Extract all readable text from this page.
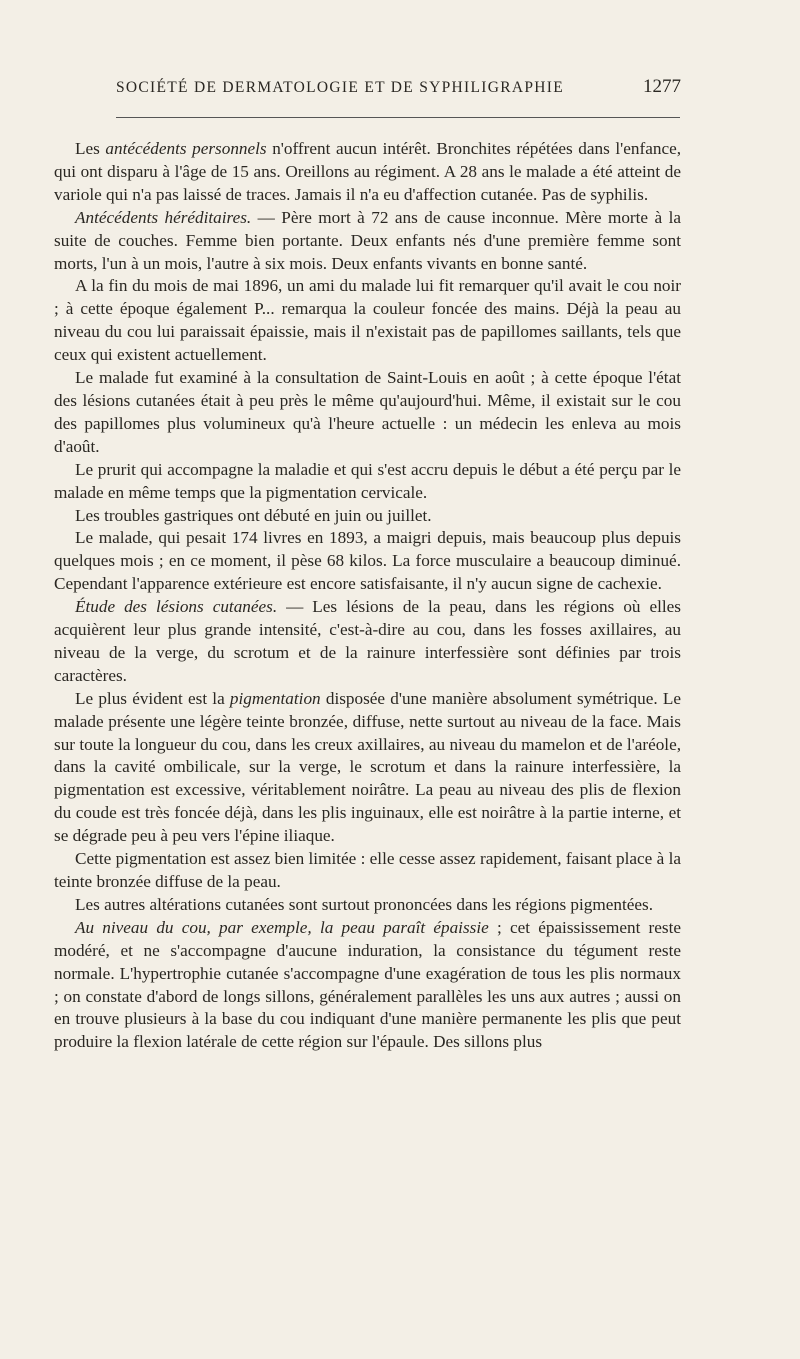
SOCIÉTÉ DE DERMATOLOGIE ET DE SYPHILIGRAPHIE	1277

Les antécédents personnels n'offrent aucun intérêt. Bronchites répétées dans l'enfance, qui ont disparu à l'âge de 15 ans. Oreillons au régiment. A 28 ans le malade a été atteint de variole qui n'a pas laissé de traces. Jamais il n'a eu d'affection cutanée. Pas de syphilis.

Antécédents héréditaires. — Père mort à 72 ans de cause inconnue. Mère morte à la suite de couches. Femme bien portante. Deux enfants nés d'une première femme sont morts, l'un à un mois, l'autre à six mois. Deux enfants vivants en bonne santé.

A la fin du mois de mai 1896, un ami du malade lui fit remarquer qu'il avait le cou noir ; à cette époque également P... remarqua la couleur foncée des mains. Déjà la peau au niveau du cou lui paraissait épaissie, mais il n'existait pas de papillomes saillants, tels que ceux qui existent actuellement.

Le malade fut examiné à la consultation de Saint-Louis en août ; à cette époque l'état des lésions cutanées était à peu près le même qu'aujourd'hui. Même, il existait sur le cou des papillomes plus volumineux qu'à l'heure actuelle : un médecin les enleva au mois d'août.

Le prurit qui accompagne la maladie et qui s'est accru depuis le début a été perçu par le malade en même temps que la pigmentation cervicale.

Les troubles gastriques ont débuté en juin ou juillet.

Le malade, qui pesait 174 livres en 1893, a maigri depuis, mais beaucoup plus depuis quelques mois ; en ce moment, il pèse 68 kilos. La force musculaire a beaucoup diminué. Cependant l'apparence extérieure est encore satisfaisante, il n'y aucun signe de cachexie.

Étude des lésions cutanées. — Les lésions de la peau, dans les régions où elles acquièrent leur plus grande intensité, c'est-à-dire au cou, dans les fosses axillaires, au niveau de la verge, du scrotum et de la rainure interfessière sont définies par trois caractères.

Le plus évident est la pigmentation disposée d'une manière absolument symétrique. Le malade présente une légère teinte bronzée, diffuse, nette surtout au niveau de la face. Mais sur toute la longueur du cou, dans les creux axillaires, au niveau du mamelon et de l'aréole, dans la cavité ombilicale, sur la verge, le scrotum et dans la rainure interfessière, la pigmentation est excessive, véritablement noirâtre. La peau au niveau des plis de flexion du coude est très foncée déjà, dans les plis inguinaux, elle est noirâtre à la partie interne, et se dégrade peu à peu vers l'épine iliaque.

Cette pigmentation est assez bien limitée : elle cesse assez rapidement, faisant place à la teinte bronzée diffuse de la peau.

Les autres altérations cutanées sont surtout prononcées dans les régions pigmentées.

Au niveau du cou, par exemple, la peau paraît épaissie ; cet épaississement reste modéré, et ne s'accompagne d'aucune induration, la consistance du tégument reste normale. L'hypertrophie cutanée s'accompagne d'une exagération de tous les plis normaux ; on constate d'abord de longs sillons, généralement parallèles les uns aux autres ; aussi on en trouve plusieurs à la base du cou indiquant d'une manière permanente les plis que peut produire la flexion latérale de cette région sur l'épaule. Des sillons plus
